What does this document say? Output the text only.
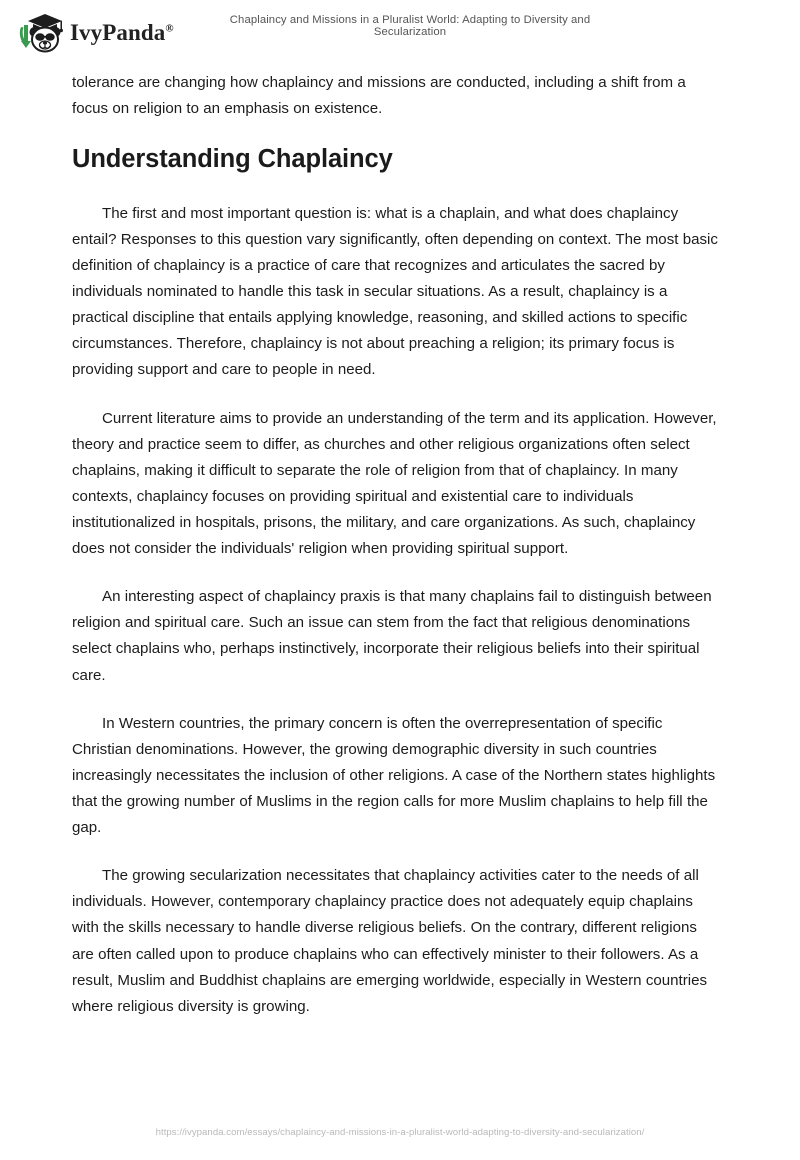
IvyPanda®
Chaplaincy and Missions in a Pluralist World: Adapting to Diversity and Secularization

tolerance are changing how chaplaincy and missions are conducted, including a shift from a focus on religion to an emphasis on existence.

Understanding Chaplaincy

The first and most important question is: what is a chaplain, and what does chaplaincy entail? Responses to this question vary significantly, often depending on context. The most basic definition of chaplaincy is a practice of care that recognizes and articulates the sacred by individuals nominated to handle this task in secular situations. As a result, chaplaincy is a practical discipline that entails applying knowledge, reasoning, and skilled actions to specific circumstances. Therefore, chaplaincy is not about preaching a religion; its primary focus is providing support and care to people in need.

Current literature aims to provide an understanding of the term and its application. However, theory and practice seem to differ, as churches and other religious organizations often select chaplains, making it difficult to separate the role of religion from that of chaplaincy. In many contexts, chaplaincy focuses on providing spiritual and existential care to individuals institutionalized in hospitals, prisons, the military, and care organizations. As such, chaplaincy does not consider the individuals' religion when providing spiritual support.

An interesting aspect of chaplaincy praxis is that many chaplains fail to distinguish between religion and spiritual care. Such an issue can stem from the fact that religious denominations select chaplains who, perhaps instinctively, incorporate their religious beliefs into their spiritual care.

In Western countries, the primary concern is often the overrepresentation of specific Christian denominations. However, the growing demographic diversity in such countries increasingly necessitates the inclusion of other religions. A case of the Northern states highlights that the growing number of Muslims in the region calls for more Muslim chaplains to help fill the gap.

The growing secularization necessitates that chaplaincy activities cater to the needs of all individuals. However, contemporary chaplaincy practice does not adequately equip chaplains with the skills necessary to handle diverse religious beliefs. On the contrary, different religions are often called upon to produce chaplains who can effectively minister to their followers. As a result, Muslim and Buddhist chaplains are emerging worldwide, especially in Western countries where religious diversity is growing.

https://ivypanda.com/essays/chaplaincy-and-missions-in-a-pluralist-world-adapting-to-diversity-and-secularization/
